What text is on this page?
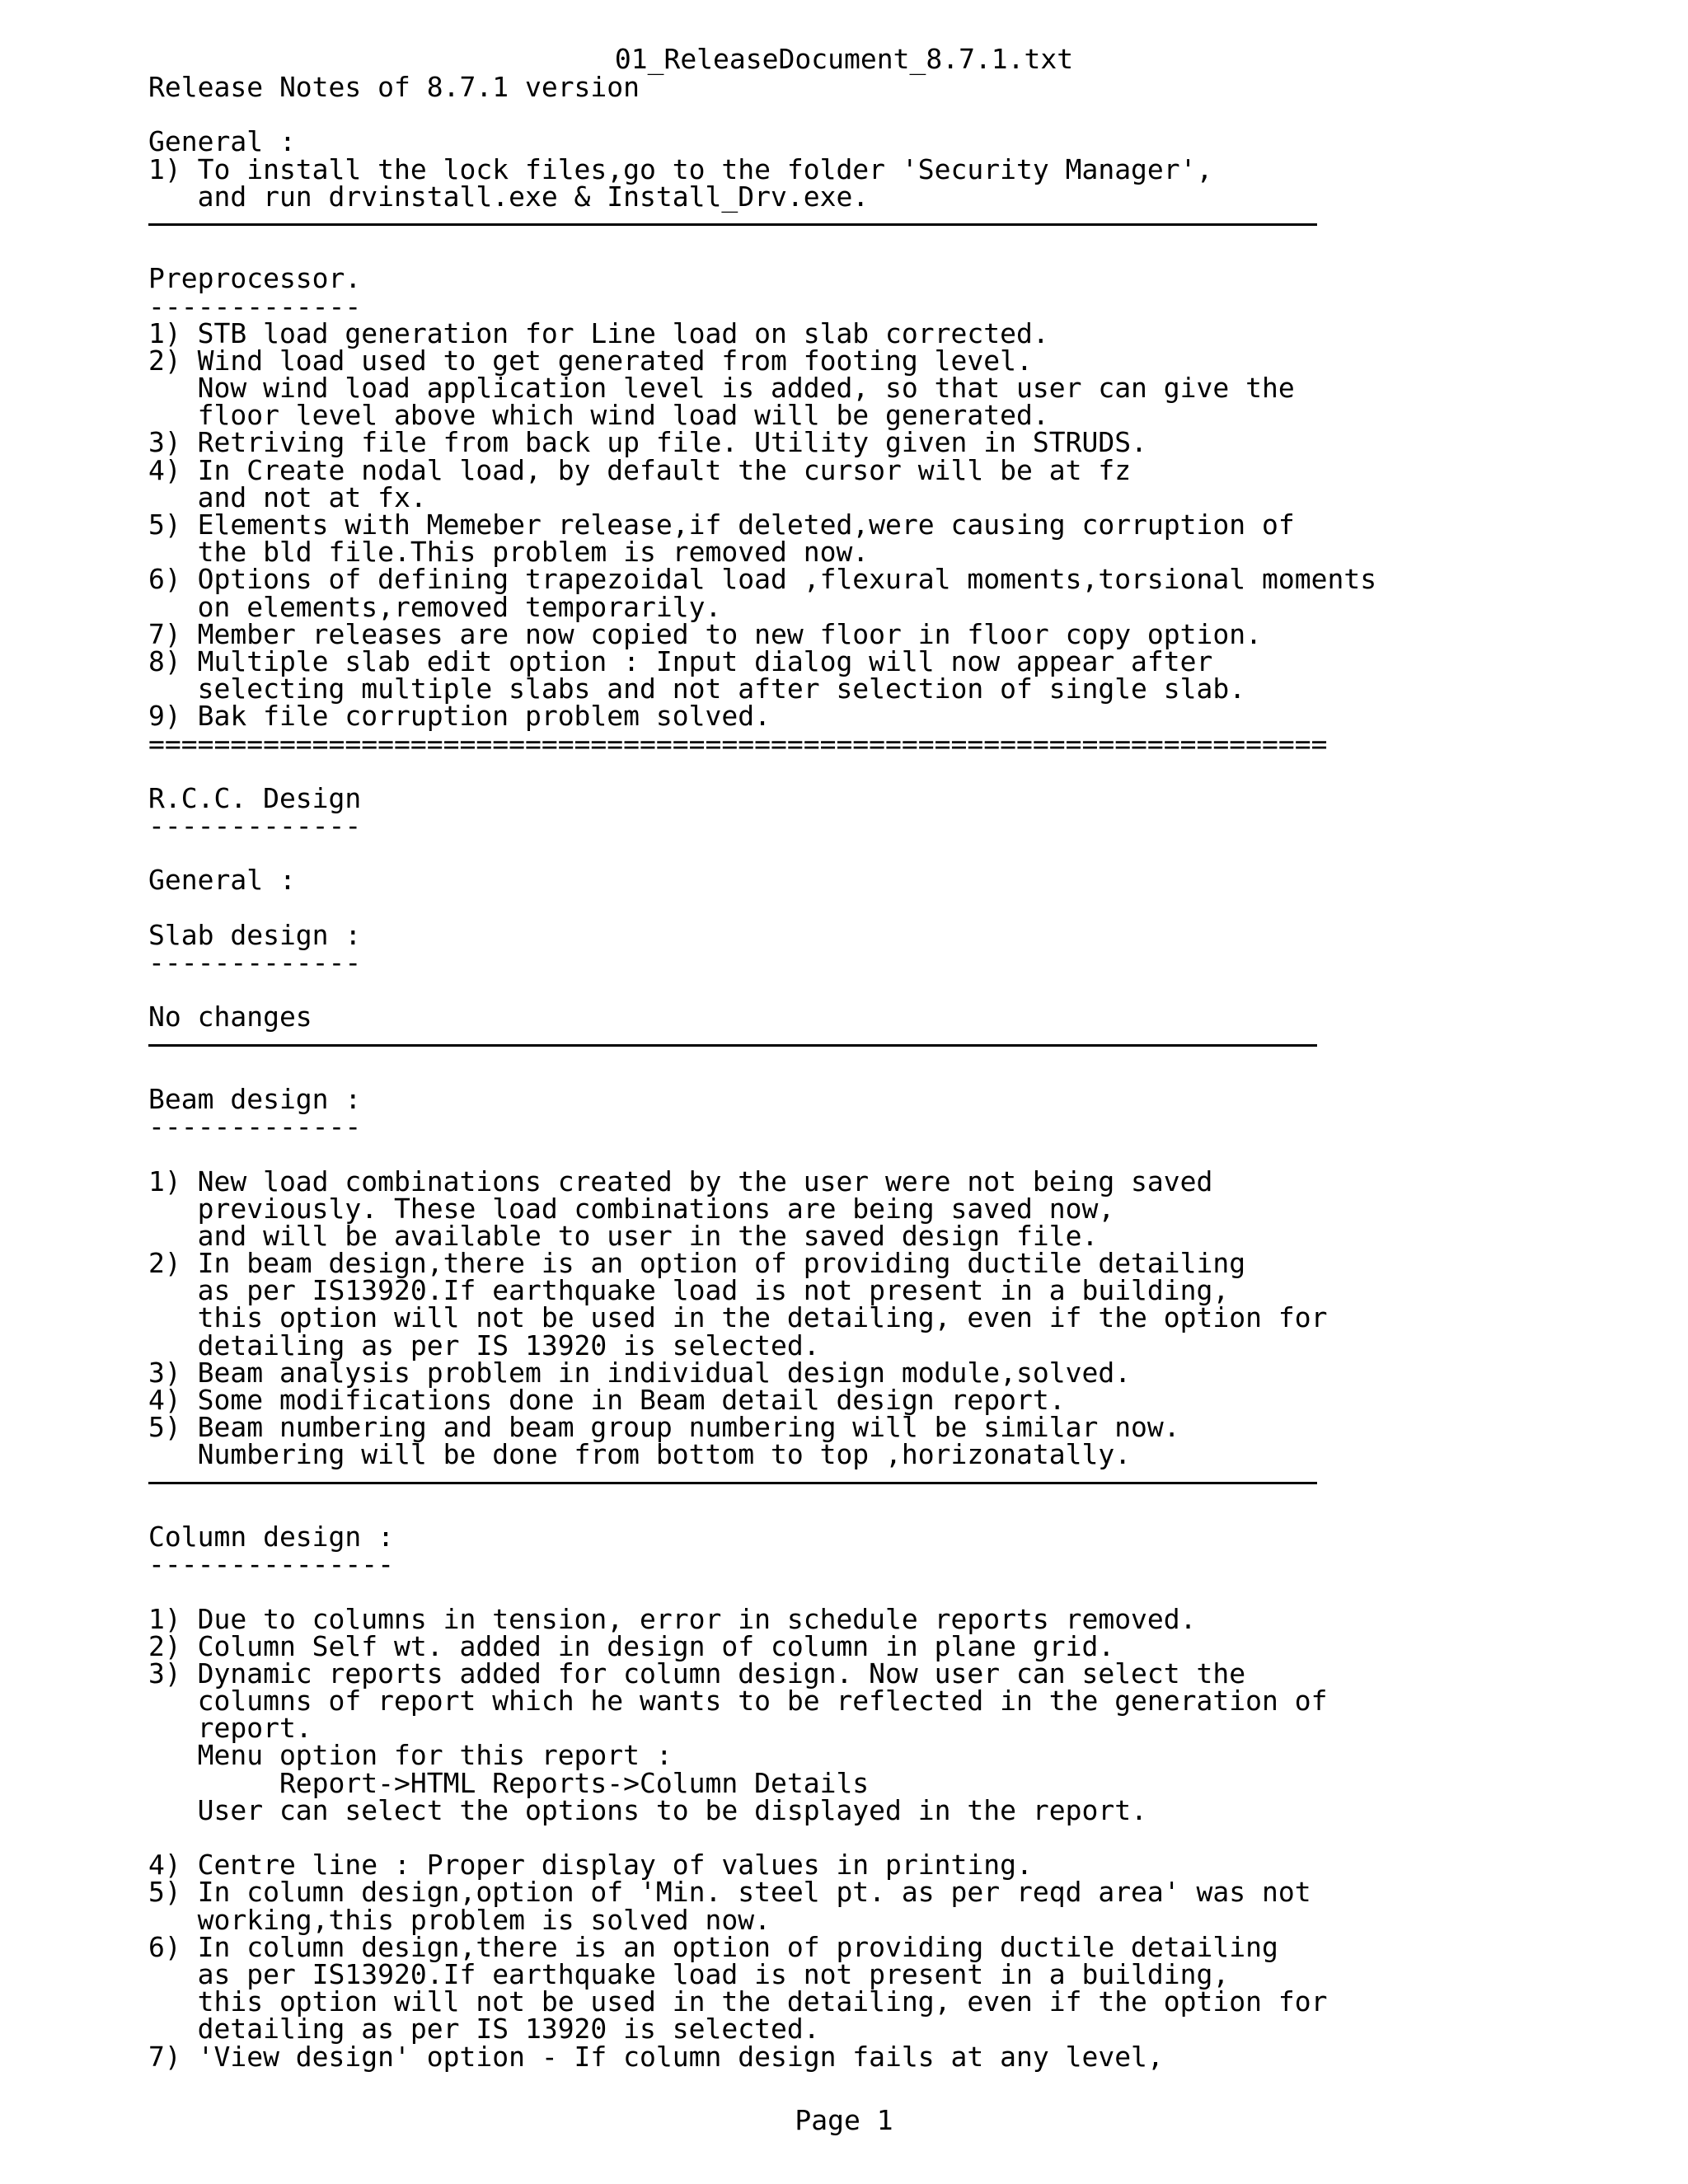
01_ReleaseDocument_8.7.1.txt
Release Notes of 8.7.1 version
General :
1) To install the lock files,go to the folder 'Security Manager',
and run drvinstall.exe & Install_Drv.exe.
Preprocessor.
-------------
1) STB load generation for Line load on slab corrected.
2) Wind load used to get generated from footing level.
Now wind load application level is added, so that user can give the
floor level above which wind load will be generated.
3) Retriving file from back up file. Utility given in STRUDS.
4) In Create nodal load, by default the cursor will be at fz
and not at fx.
5) Elements with Memeber release,if deleted,were causing corruption of
the bld file.This problem is removed now.
6) Options of defining trapezoidal load ,flexural moments,torsional moments
on elements,removed temporarily.
7) Member releases are now copied to new floor in floor copy option.
8) Multiple slab edit option : Input dialog will now appear after
selecting multiple slabs and not after selection of single slab.
9) Bak file corruption problem solved.
========================================================================
R.C.C. Design
-------------
General :
Slab design :
-------------
No changes
Beam design :
-------------
1) New load combinations created by the user were not being saved
previously. These load combinations are being saved now,
and will be available to user in the saved design file.
2) In beam design,there is an option of providing ductile detailing
as per IS13920.If earthquake load is not present in a building,
this option will not be used in the detailing, even if the option for
detailing as per IS 13920 is selected.
3) Beam analysis problem in individual design module,solved.
4) Some modifications done in Beam detail design report.
5) Beam numbering and beam group numbering will be similar now.
Numbering will be done from bottom to top ,horizonatally.
Column design :
---------------
1) Due to columns in tension, error in schedule reports removed.
2) Column Self wt. added in design of column in plane grid.
3) Dynamic reports added for column design. Now user can select the
columns of report which he wants to be reflected in the generation of
report.
Menu option for this report :
Report->HTML Reports->Column Details
User can select the options to be displayed in the report.
4) Centre line : Proper display of values in printing.
5) In column design,option of 'Min. steel pt. as per reqd area' was not
working,this problem is solved now.
6) In column design,there is an option of providing ductile detailing
as per IS13920.If earthquake load is not present in a building,
this option will not be used in the detailing, even if the option for
detailing as per IS 13920 is selected.
7) 'View design' option - If column design fails at any level,
Page 1
